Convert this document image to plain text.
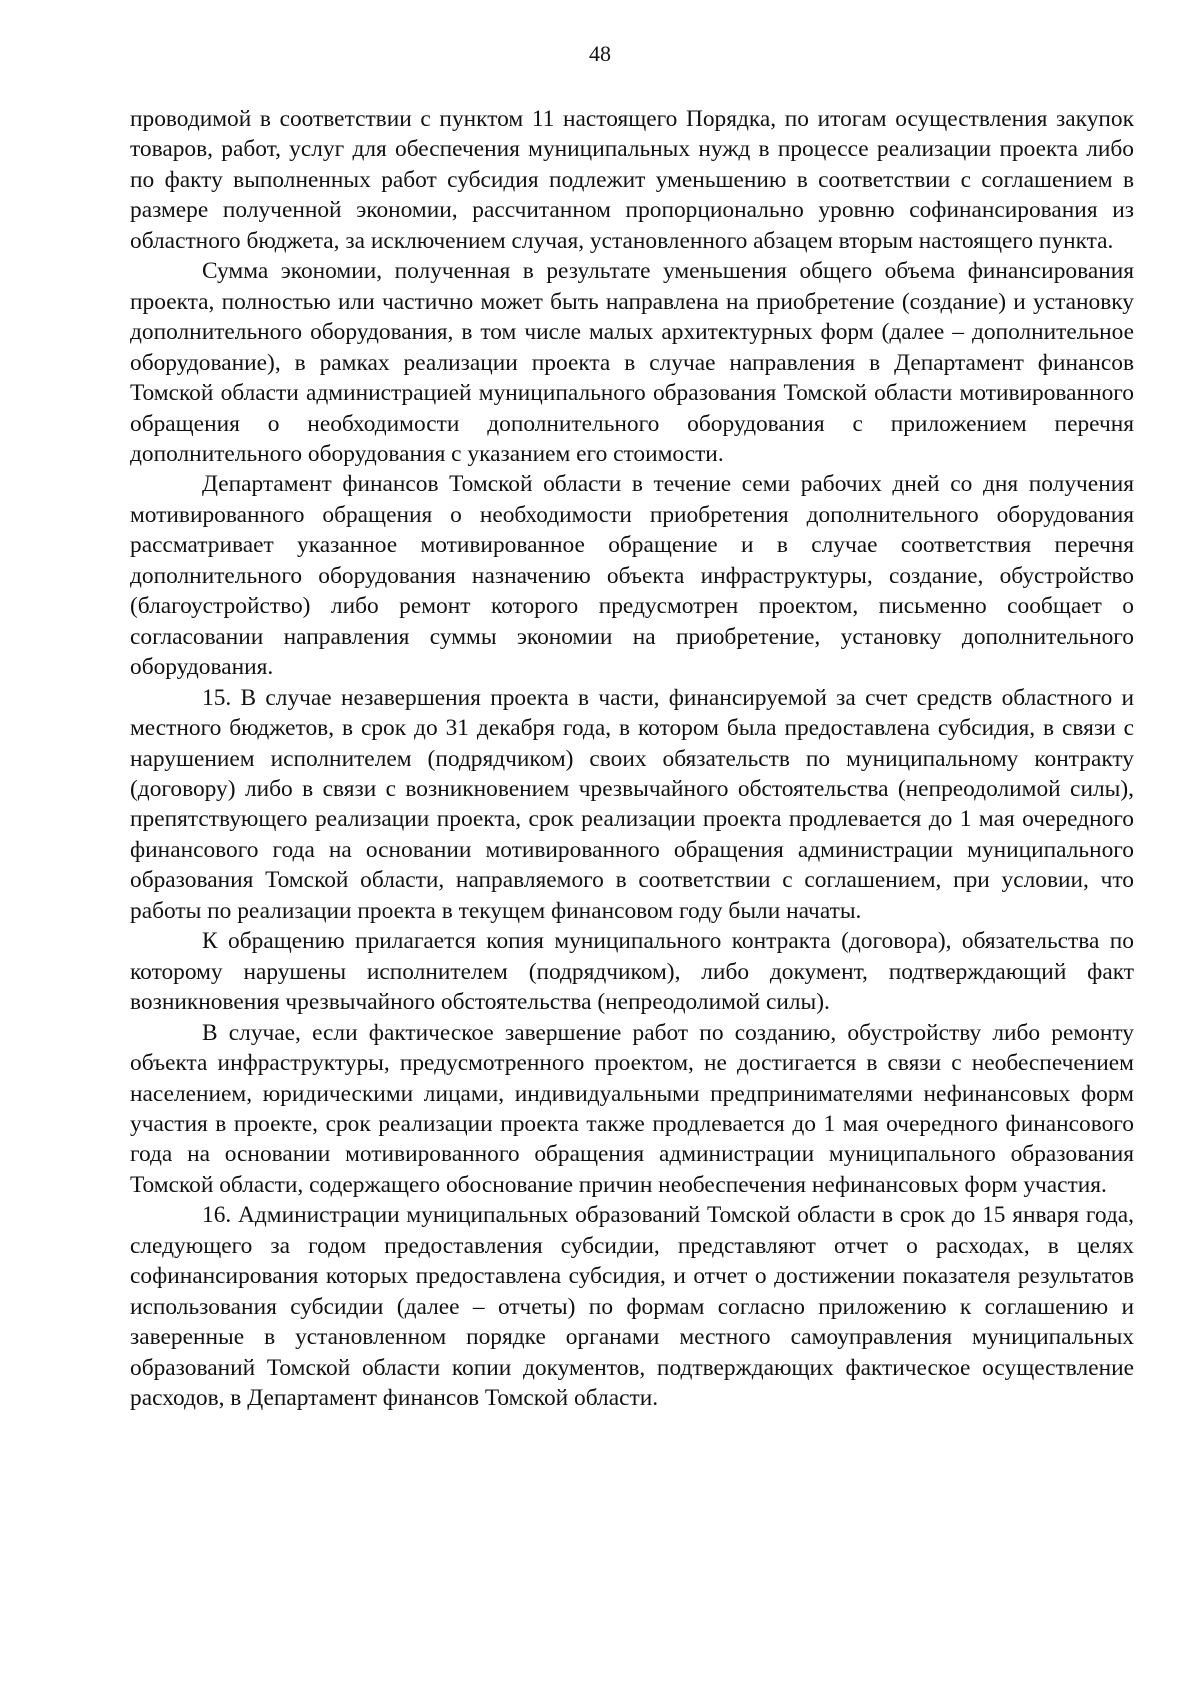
48

проводимой в соответствии с пунктом 11 настоящего Порядка, по итогам осуществления закупок товаров, работ, услуг для обеспечения муниципальных нужд в процессе реализации проекта либо по факту выполненных работ субсидия подлежит уменьшению в соответствии с соглашением в размере полученной экономии, рассчитанном пропорционально уровню софинансирования из областного бюджета, за исключением случая, установленного абзацем вторым настоящего пункта.

Сумма экономии, полученная в результате уменьшения общего объема финансирования проекта, полностью или частично может быть направлена на приобретение (создание) и установку дополнительного оборудования, в том числе малых архитектурных форм (далее – дополнительное оборудование), в рамках реализации проекта в случае направления в Департамент финансов Томской области администрацией муниципального образования Томской области мотивированного обращения о необходимости дополнительного оборудования с приложением перечня дополнительного оборудования с указанием его стоимости.

Департамент финансов Томской области в течение семи рабочих дней со дня получения мотивированного обращения о необходимости приобретения дополнительного оборудования рассматривает указанное мотивированное обращение и в случае соответствия перечня дополнительного оборудования назначению объекта инфраструктуры, создание, обустройство (благоустройство) либо ремонт которого предусмотрен проектом, письменно сообщает о согласовании направления суммы экономии на приобретение, установку дополнительного оборудования.

15. В случае незавершения проекта в части, финансируемой за счет средств областного и местного бюджетов, в срок до 31 декабря года, в котором была предоставлена субсидия, в связи с нарушением исполнителем (подрядчиком) своих обязательств по муниципальному контракту (договору) либо в связи с возникновением чрезвычайного обстоятельства (непреодолимой силы), препятствующего реализации проекта, срок реализации проекта продлевается до 1 мая очередного финансового года на основании мотивированного обращения администрации муниципального образования Томской области, направляемого в соответствии с соглашением, при условии, что работы по реализации проекта в текущем финансовом году были начаты.

К обращению прилагается копия муниципального контракта (договора), обязательства по которому нарушены исполнителем (подрядчиком), либо документ, подтверждающий факт возникновения чрезвычайного обстоятельства (непреодолимой силы).

В случае, если фактическое завершение работ по созданию, обустройству либо ремонту объекта инфраструктуры, предусмотренного проектом, не достигается в связи с необеспечением населением, юридическими лицами, индивидуальными предпринимателями нефинансовых форм участия в проекте, срок реализации проекта также продлевается до 1 мая очередного финансового года на основании мотивированного обращения администрации муниципального образования Томской области, содержащего обоснование причин необеспечения нефинансовых форм участия.

16. Администрации муниципальных образований Томской области в срок до 15 января года, следующего за годом предоставления субсидии, представляют отчет о расходах, в целях софинансирования которых предоставлена субсидия, и отчет о достижении показателя результатов использования субсидии (далее – отчеты) по формам согласно приложению к соглашению и заверенные в установленном порядке органами местного самоуправления муниципальных образований Томской области копии документов, подтверждающих фактическое осуществление расходов, в Департамент финансов Томской области.
